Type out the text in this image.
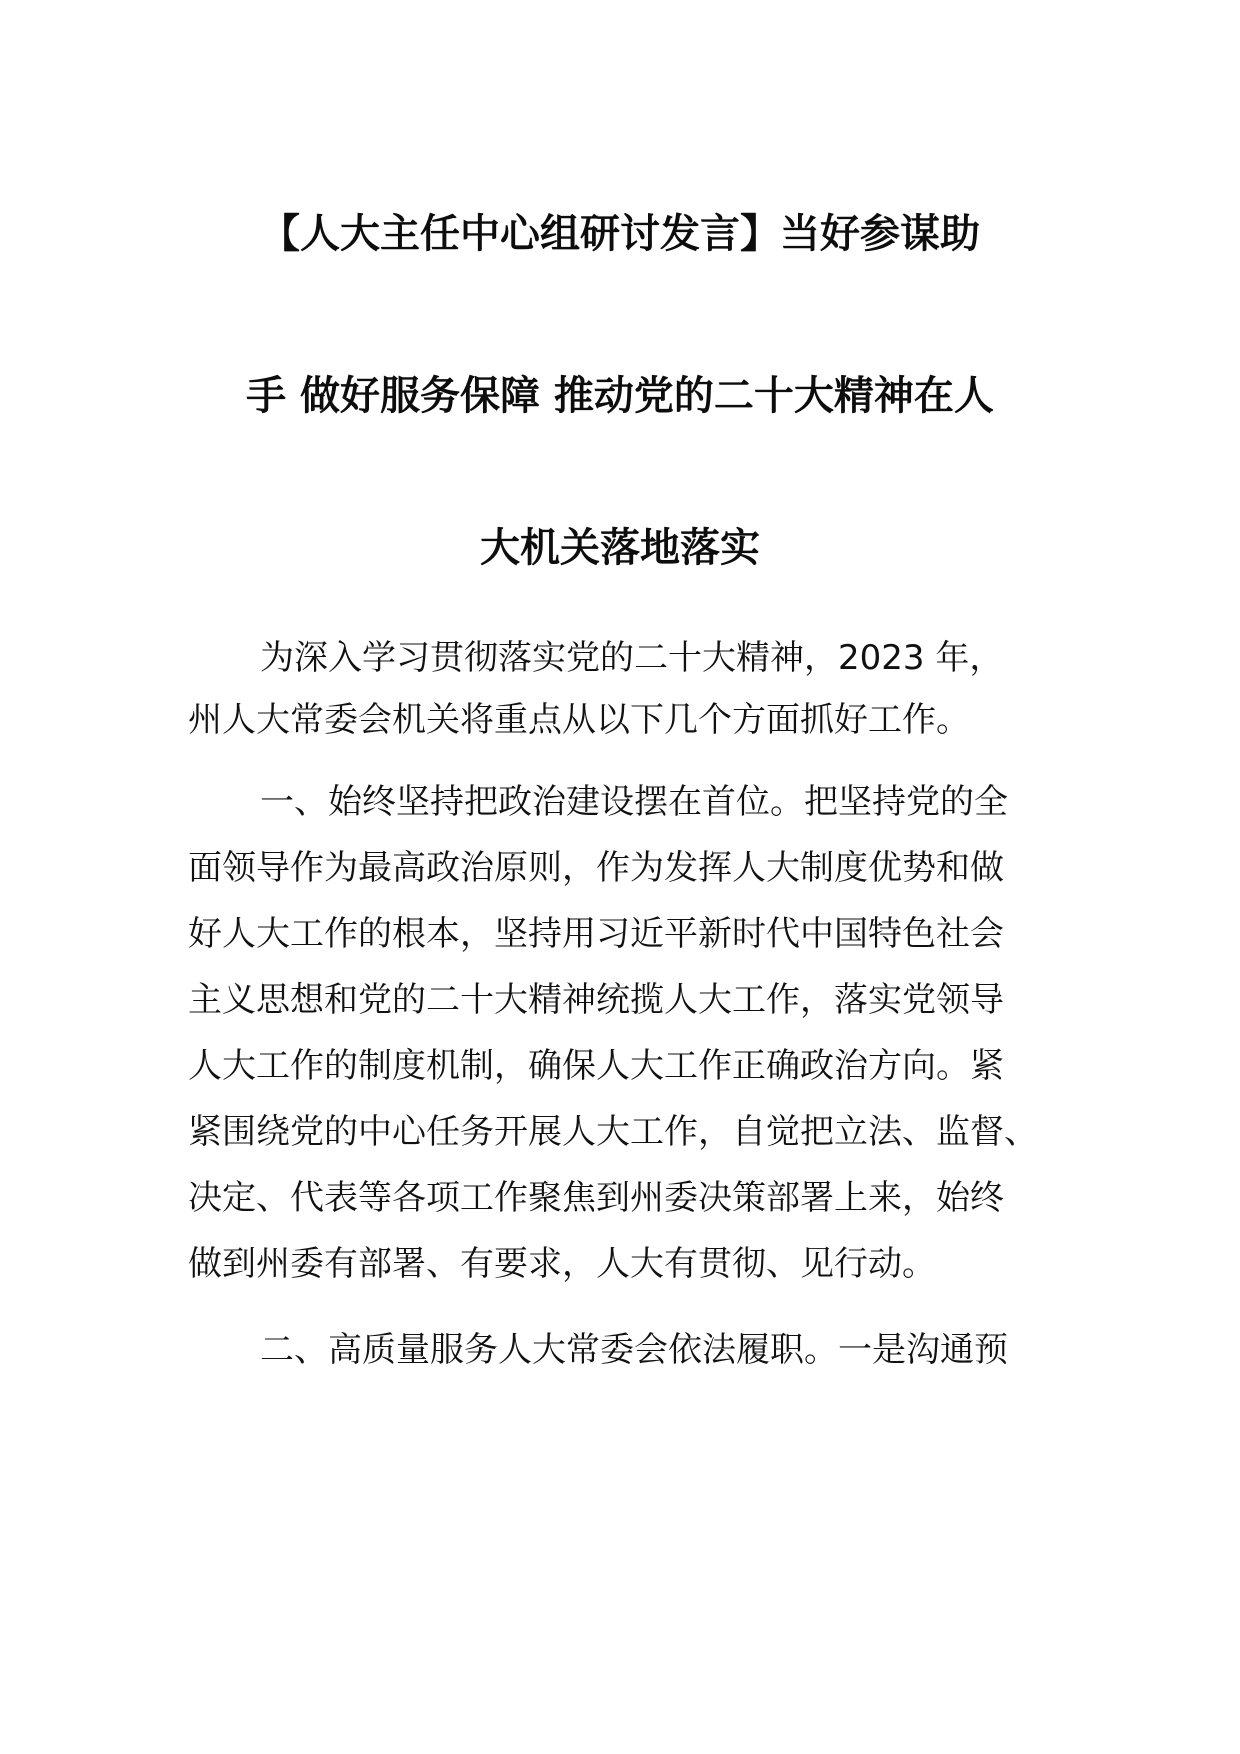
【人大主任中心组研讨发言】当好参谋助
手 做好服务保障 推动党的二十大精神在人
大机关落地落实
为深入学习贯彻落实党的二十大精神，2023 年，
州人大常委会机关将重点从以下几个方面抓好工作。
一、始终坚持把政治建设摆在首位。把坚持党的全
面领导作为最高政治原则，作为发挥人大制度优势和做
好人大工作的根本，坚持用习近平新时代中国特色社会
主义思想和党的二十大精神统揽人大工作，落实党领导
人大工作的制度机制，确保人大工作正确政治方向。紧
紧围绕党的中心任务开展人大工作，自觉把立法、监督、
决定、代表等各项工作聚焦到州委决策部署上来，始终
做到州委有部署、有要求，人大有贯彻、见行动。
二、高质量服务人大常委会依法履职。一是沟通预
